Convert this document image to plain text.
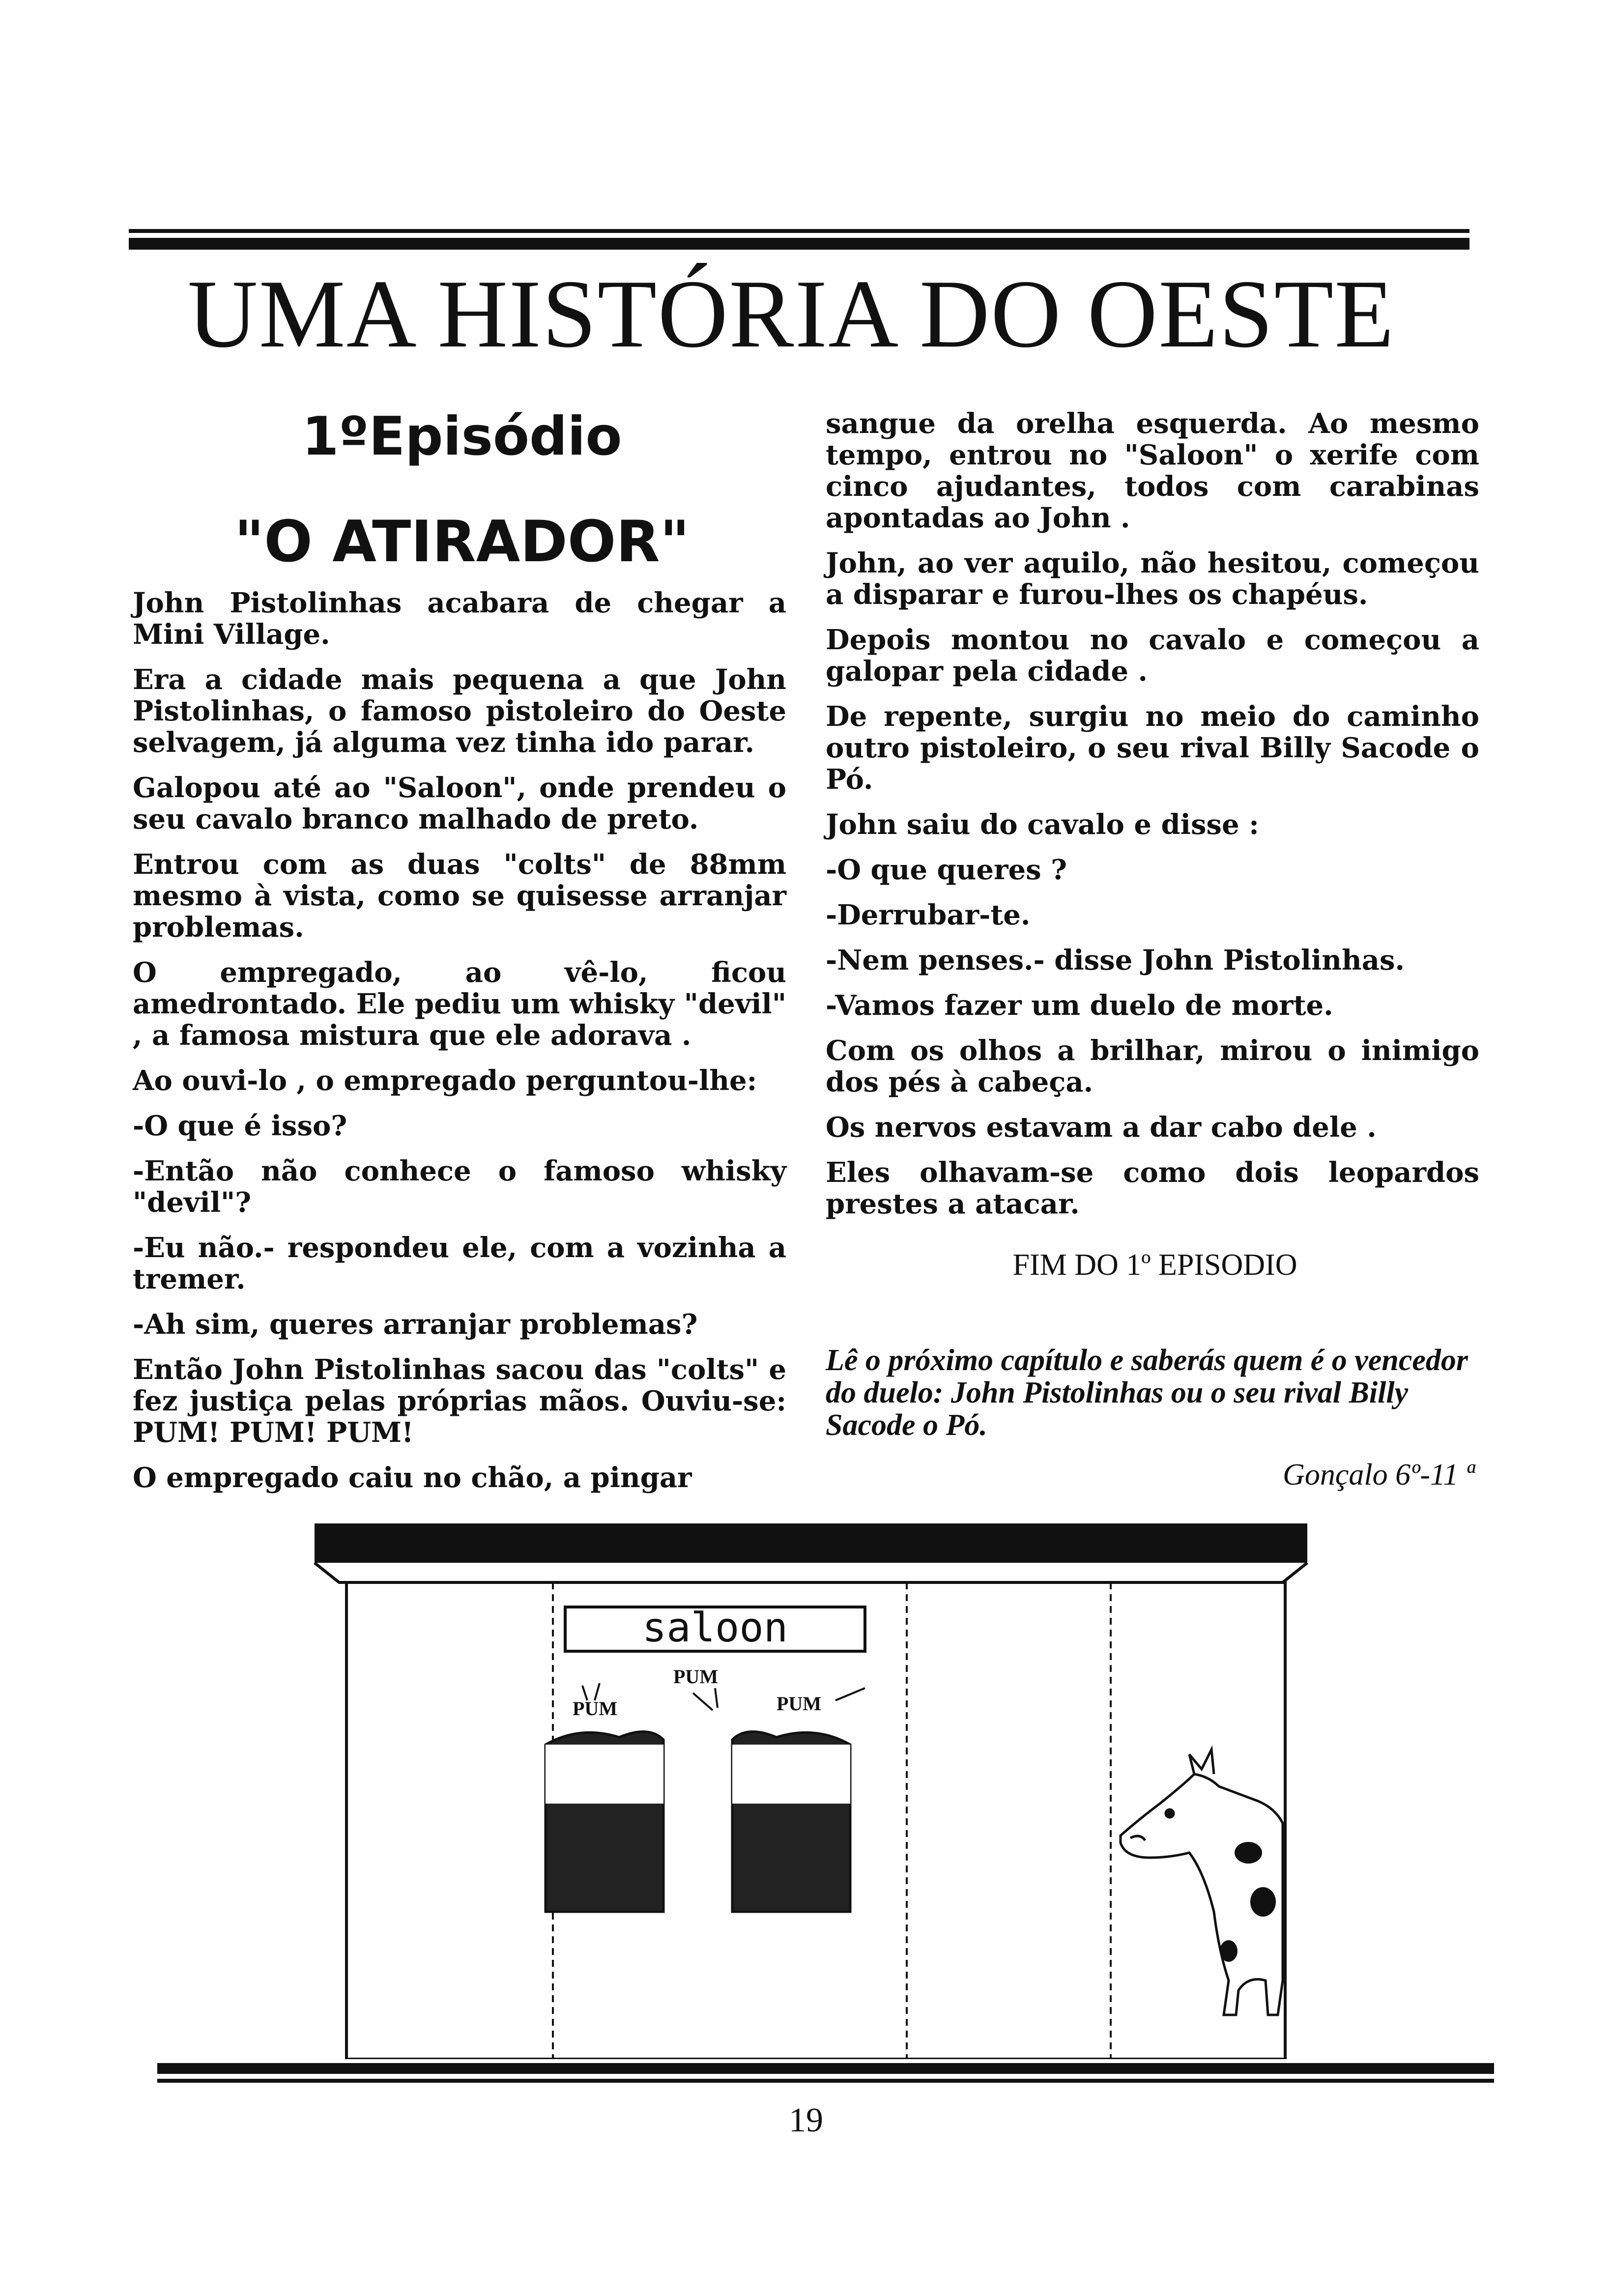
UMA HISTÓRIA DO OESTE
1ºEpisódio
"O ATIRADOR"

John Pistolinhas acabara de chegar a Mini Village.

Era a cidade mais pequena a que John Pistolinhas, o famoso pistoleiro do Oeste selvagem, já alguma vez tinha ido parar.

Galopou até ao "Saloon", onde prendeu o seu cavalo branco malhado de preto.

Entrou com as duas "colts" de 88mm mesmo à vista, como se quisesse arranjar problemas.

O empregado, ao vê-lo, ficou amedrontado. Ele pediu um whisky "devil" , a famosa mistura que ele adorava .

Ao ouvi-lo , o empregado perguntou-lhe:

-O que é isso?

-Então não conhece o famoso whisky "devil"?

-Eu não.- respondeu ele, com a vozinha a tremer.

-Ah sim, queres arranjar problemas?

Então John Pistolinhas sacou das "colts" e fez justiça pelas próprias mãos. Ouviu-se: PUM! PUM! PUM!

O empregado caiu no chão, a pingar

sangue da orelha esquerda. Ao mesmo tempo, entrou no "Saloon" o xerife com cinco ajudantes, todos com carabinas apontadas ao John .

John, ao ver aquilo, não hesitou, começou a disparar e furou-lhes os chapéus.

Depois montou no cavalo e começou a galopar pela cidade .

De repente, surgiu no meio do caminho outro pistoleiro, o seu rival Billy Sacode o Pó.

John saiu do cavalo e disse :

-O que queres ?

-Derrubar-te.

-Nem penses.- disse John Pistolinhas.

-Vamos fazer um duelo de morte.

Com os olhos a brilhar, mirou o inimigo dos pés à cabeça.

Os nervos estavam a dar cabo dele .

Eles olhavam-se como dois leopardos prestes a atacar.

FIM DO 1º EPISODIO
Lê o próximo capítulo e saberás quem é o vencedor do duelo: John Pistolinhas ou o seu rival Billy Sacode o Pó.
Gonçalo 6º-11 ª
saloon
PUM
PUM
PUM
19
